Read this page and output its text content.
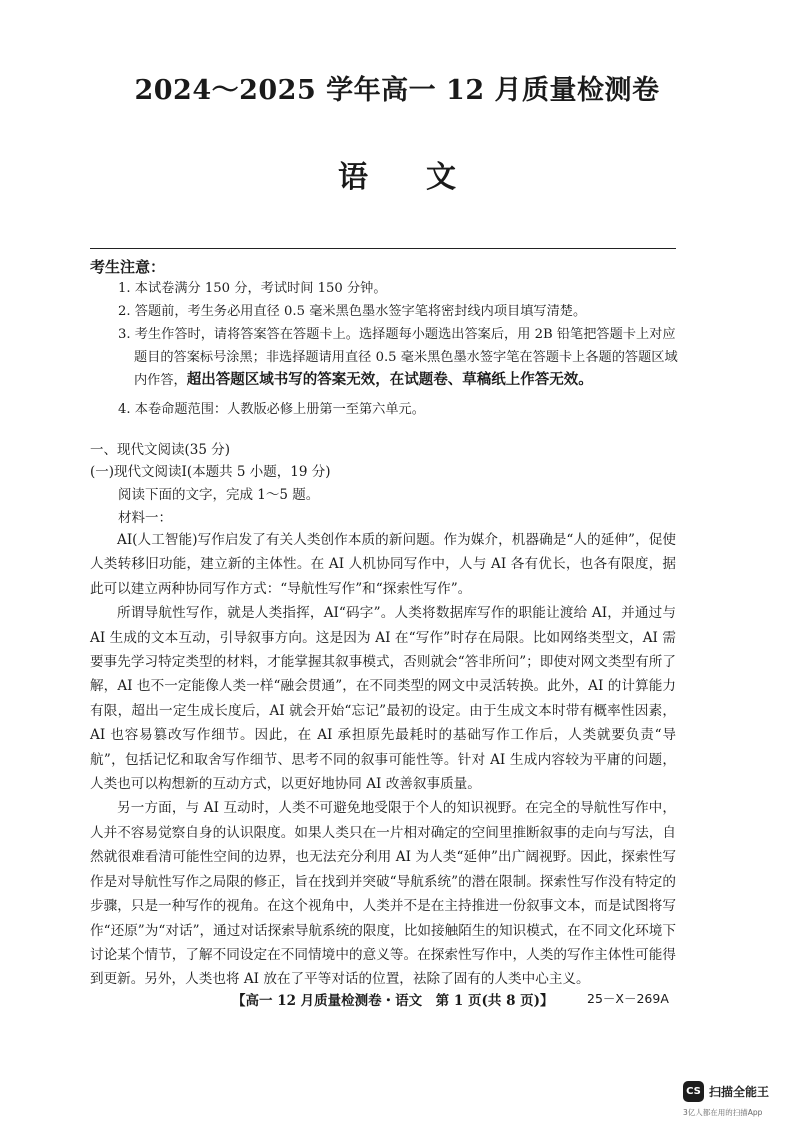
2024～2025 学年高一 12 月质量检测卷
语文
考生注意：
1. 本试卷满分 150 分，考试时间 150 分钟。
2. 答题前，考生务必用直径 0.5 毫米黑色墨水签字笔将密封线内项目填写清楚。
3. 考生作答时，请将答案答在答题卡上。选择题每小题选出答案后，用 2B 铅笔把答题卡上对应题目的答案标号涂黑；非选择题请用直径 0.5 毫米黑色墨水签字笔在答题卡上各题的答题区域内作答，超出答题区域书写的答案无效，在试题卷、草稿纸上作答无效。
4. 本卷命题范围：人教版必修上册第一至第六单元。
一、现代文阅读(35 分)
(一)现代文阅读Ⅰ(本题共 5 小题，19 分)
阅读下面的文字，完成 1～5 题。
材料一：

AI(人工智能)写作启发了有关人类创作本质的新问题。作为媒介，机器确是“人的延伸”，促使人类转移旧功能，建立新的主体性。在 AI 人机协同写作中，人与 AI 各有优长，也各有限度，据此可以建立两种协同写作方式：“导航性写作”和“探索性写作”。

所谓导航性写作，就是人类指挥，AI“码字”。人类将数据库写作的职能让渡给 AI，并通过与 AI 生成的文本互动，引导叙事方向。这是因为 AI 在“写作”时存在局限。比如网络类型文，AI 需要事先学习特定类型的材料，才能掌握其叙事模式，否则就会“答非所问”；即使对网文类型有所了解，AI 也不一定能像人类一样“融会贯通”，在不同类型的网文中灵活转换。此外，AI 的计算能力有限，超出一定生成长度后，AI 就会开始“忘记”最初的设定。由于生成文本时带有概率性因素，AI 也容易篡改写作细节。因此，在 AI 承担原先最耗时的基础写作工作后，人类就要负责“导航”，包括记忆和取舍写作细节、思考不同的叙事可能性等。针对 AI 生成内容较为平庸的问题，人类也可以构想新的互动方式，以更好地协同 AI 改善叙事质量。

另一方面，与 AI 互动时，人类不可避免地受限于个人的知识视野。在完全的导航性写作中，人并不容易觉察自身的认识限度。如果人类只在一片相对确定的空间里推断叙事的走向与写法，自然就很难看清可能性空间的边界，也无法充分利用 AI 为人类“延伸”出广阔视野。因此，探索性写作是对导航性写作之局限的修正，旨在找到并突破“导航系统”的潜在限制。探索性写作没有特定的步骤，只是一种写作的视角。在这个视角中，人类并不是在主持推进一份叙事文本，而是试图将写作“还原”为“对话”，通过对话探索导航系统的限度，比如接触陌生的知识模式，在不同文化环境下讨论某个情节，了解不同设定在不同情境中的意义等。在探索性写作中，人类的写作主体性可能得到更新。另外，人类也将 AI 放在了平等对话的位置，祛除了固有的人类中心主义。

【高一 12 月质量检测卷・语文　第 1 页(共 8 页)】	25－X－269A
CS 扫描全能王
3亿人都在用的扫描App
